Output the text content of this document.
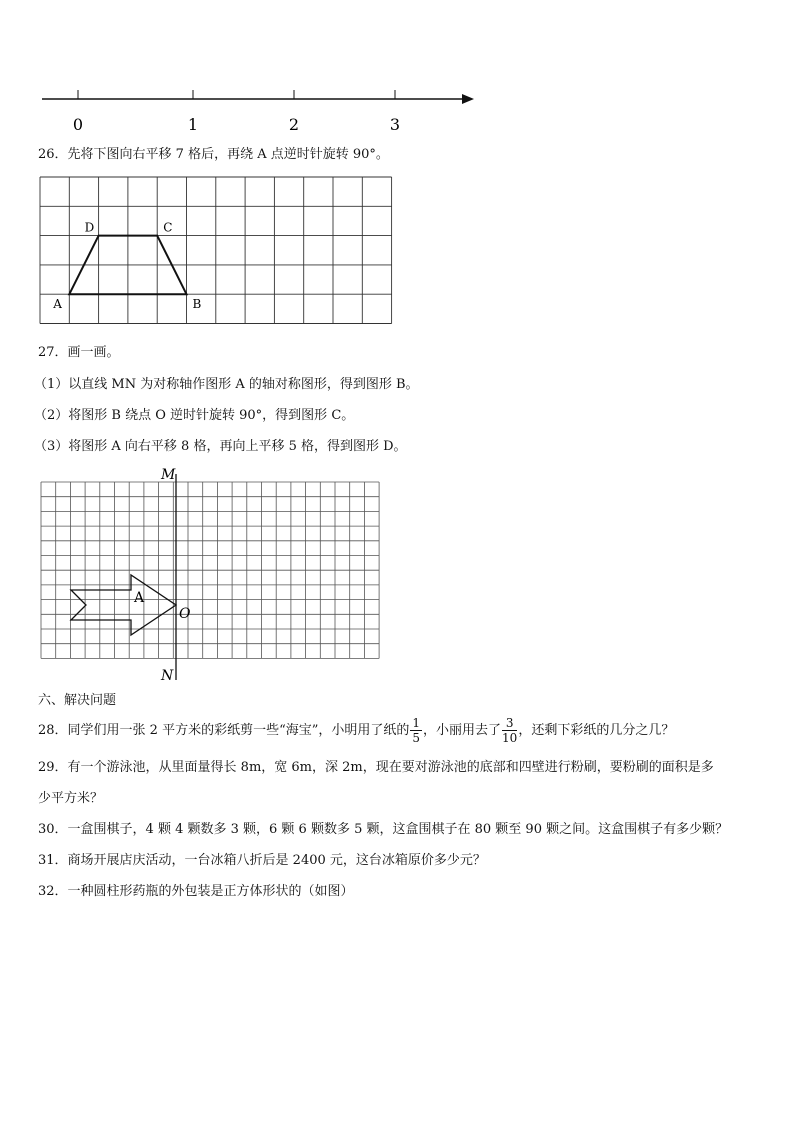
0	1	2	3
26．先将下图向右平移 7 格后，再绕 A 点逆时针旋转 90°。
A	B
C
D
27．画一画。
（1）以直线 MN 为对称轴作图形 A 的轴对称图形，得到图形 B。
（2）将图形 B 绕点 O 逆时针旋转 90°，得到图形 C。
（3）将图形 A 向右平移 8 格，再向上平移 5 格，得到图形 D。
M
N
O
A
六、解决问题
28．同学们用一张 2 平方米的彩纸剪一些“海宝”，小明用了纸的 $\frac{1}{5}$ ，小丽用去了 $\frac{3}{10}$ ，还剩下彩纸的几分之几？
29．有一个游泳池，从里面量得长 8m，宽 6m，深 2m，现在要对游泳池的底部和四壁进行粉刷，要粉刷的面积是多
少平方米？
30．一盒围棋子，4 颗 4 颗数多 3 颗，6 颗 6 颗数多 5 颗，这盒围棋子在 80 颗至 90 颗之间。这盒围棋子有多少颗？
31．商场开展店庆活动，一台冰箱八折后是 2400 元，这台冰箱原价多少元？
32．一种圆柱形药瓶的外包装是正方体形状的（如图）
